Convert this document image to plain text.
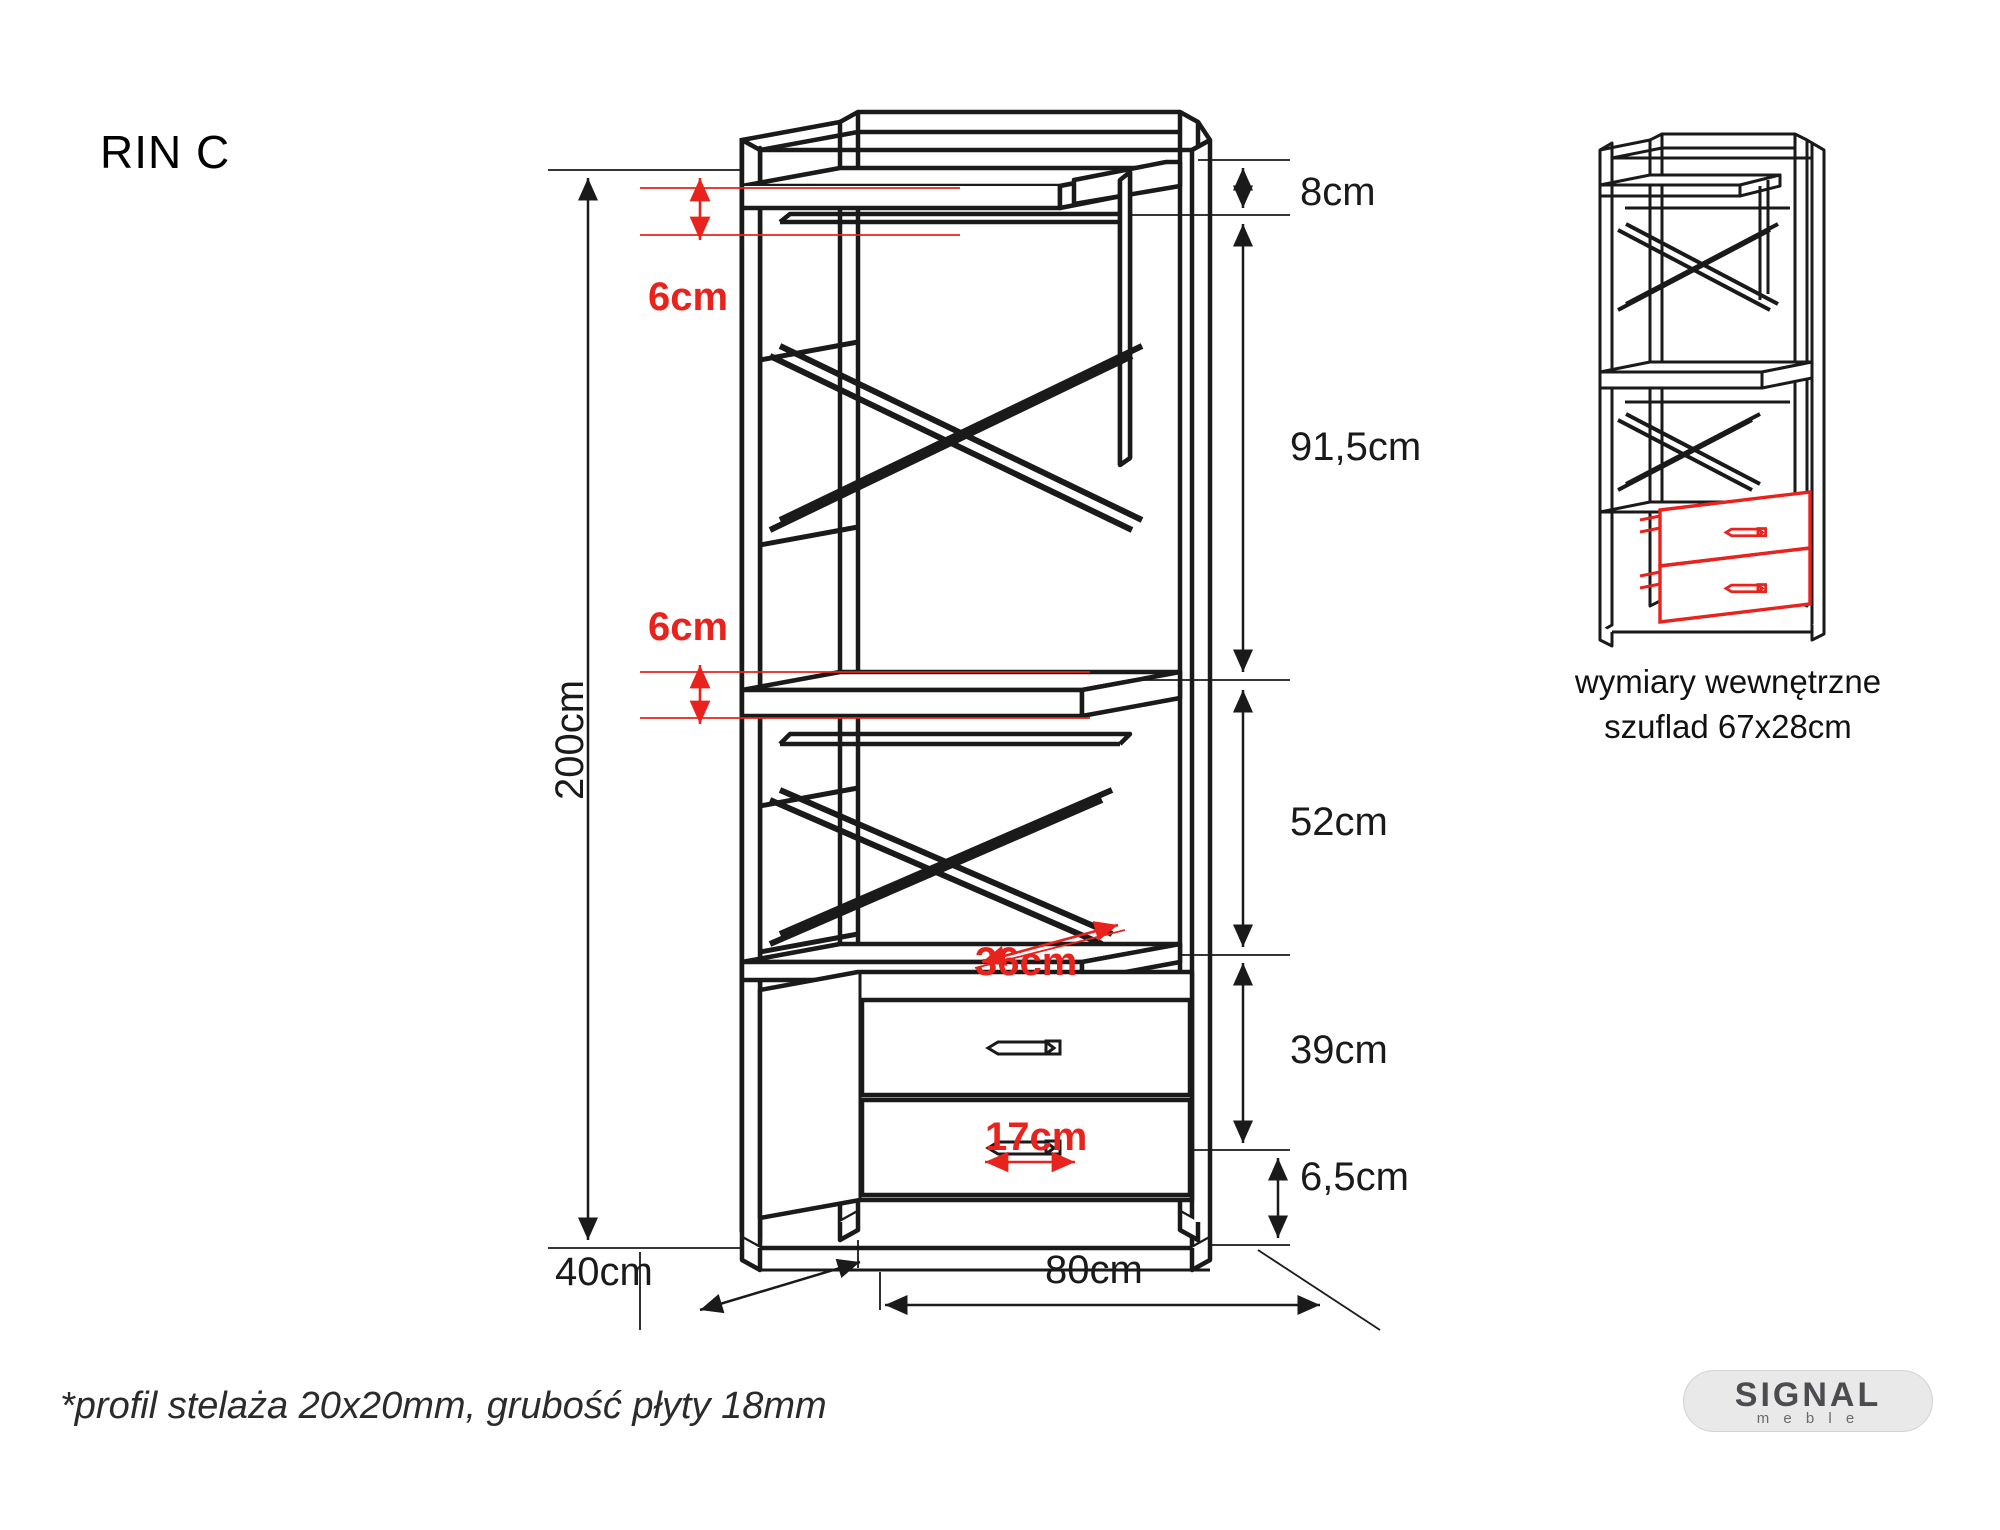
RIN C
8cm
6cm
91,5cm
6cm
52cm
36cm
39cm
17cm
6,5cm
200cm
40cm	80cm
wymiary wewnętrzne szuflad 67x28cm
*profil stelaża 20x20mm, grubość płyty 18mm	SIGNAL
m e b l e
